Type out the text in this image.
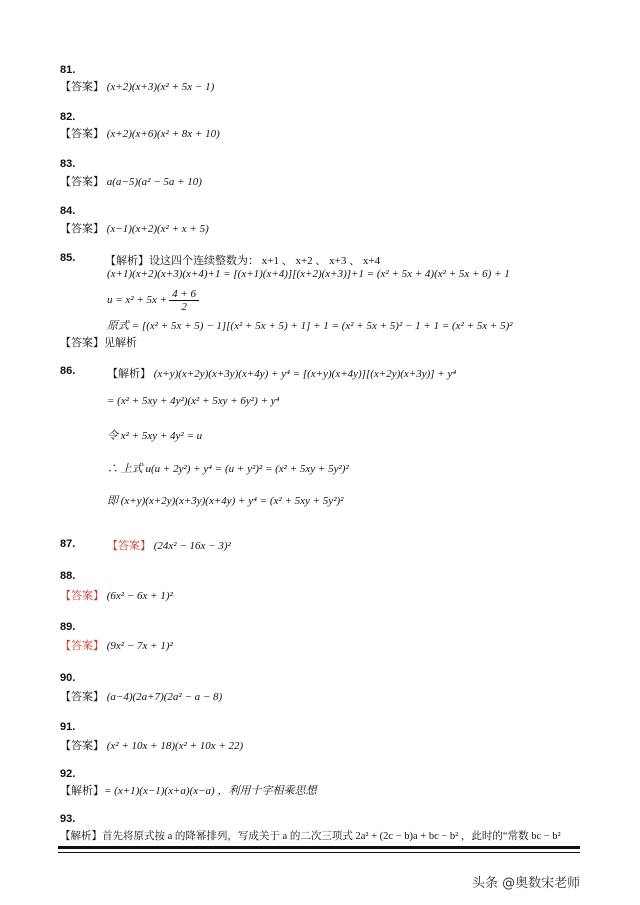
81.
【答案】 (x+2)(x+3)(x² + 5x − 1)
82.
【答案】 (x+2)(x+6)(x² + 8x + 10)
83.
【答案】 a(a−5)(a² − 5a + 10)
84.
【答案】 (x−1)(x+2)(x² + x + 5)
85.	【解析】设这四个连续整数为： x+1 、 x+2 、 x+3 、 x+4
(x+1)(x+2)(x+3)(x+4)+1 = [(x+1)(x+4)][(x+2)(x+3)]+1 = (x² + 5x + 4)(x² + 5x + 6) + 1
$u = x^2 + 5x + \frac{4 + 6}{2}$
原式 = [(x² + 5x + 5) − 1][(x² + 5x + 5) + 1] + 1 = (x² + 5x + 5)² − 1 + 1 = (x² + 5x + 5)²
【答案】见解析
86.	【解析】 (x+y)(x+2y)(x+3y)(x+4y) + y⁴ = [(x+y)(x+4y)][(x+2y)(x+3y)] + y⁴
= (x² + 5xy + 4y²)(x² + 5xy + 6y²) + y⁴
令 x² + 5xy + 4y² = u
∴ 上式 u(u + 2y²) + y⁴ = (u + y²)² = (x² + 5xy + 5y²)²
即 (x+y)(x+2y)(x+3y)(x+4y) + y⁴ = (x² + 5xy + 5y²)²
87.	【答案】 (24x² − 16x − 3)²
88.
【答案】 (6x² − 6x + 1)²
89.
【答案】 (9x² − 7x + 1)²
90.
【答案】 (a−4)(2a+7)(2a² − a − 8)
91.
【答案】 (x² + 10x + 18)(x² + 10x + 22)
92.
【解析】= (x+1)(x−1)(x+a)(x−a) ，利用十字相乘思想
93.
【解析】首先将原式按 a 的降幂排列，写成关于 a 的二次三项式 2a² + (2c − b)a + bc − b² ，此时的“常数 bc − b²
头条 @奥数宋老师
